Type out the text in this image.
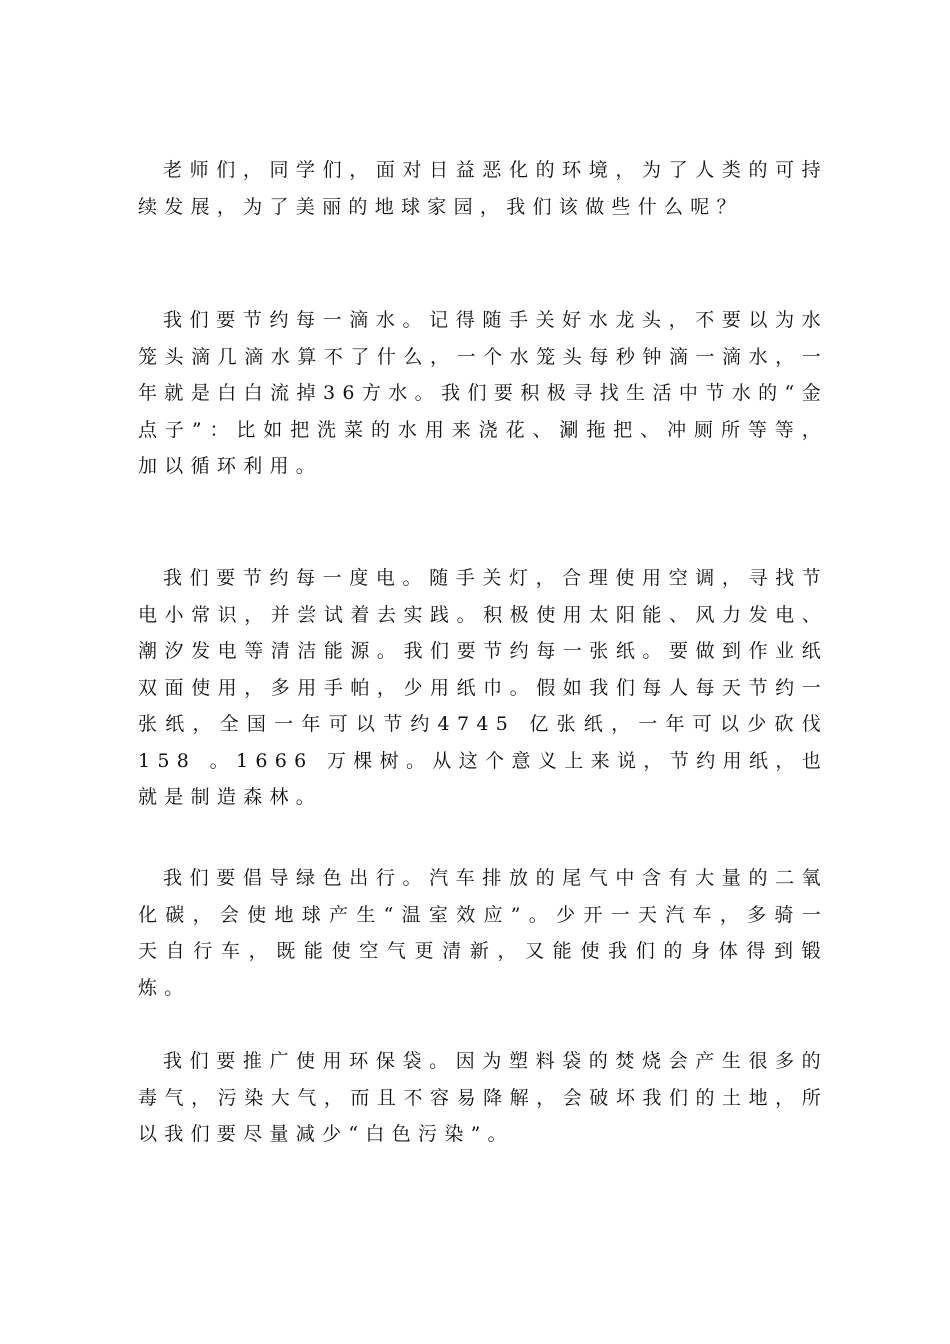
老师们，同学们，面对日益恶化的环境，为了人类的可持续发展，为了美丽的地球家园，我们该做些什么呢？

我们要节约每一滴水。记得随手关好水龙头，不要以为水笼头滴几滴水算不了什么，一个水笼头每秒钟滴一滴水，一年就是白白流掉36方水。我们要积极寻找生活中节水的“金点子”：比如把洗菜的水用来浇花、涮拖把、冲厕所等等，加以循环利用。

我们要节约每一度电。随手关灯，合理使用空调，寻找节电小常识，并尝试着去实践。积极使用太阳能、风力发电、潮汐发电等清洁能源。我们要节约每一张纸。要做到作业纸双面使用，多用手帕，少用纸巾。假如我们每人每天节约一张纸，全国一年可以节约4745 亿张纸，一年可以少砍伐158 。1666 万棵树。从这个意义上来说，节约用纸，也就是制造森林。

我们要倡导绿色出行。汽车排放的尾气中含有大量的二氧化碳，会使地球产生“温室效应”。少开一天汽车，多骑一天自行车，既能使空气更清新，又能使我们的身体得到锻炼。

我们要推广使用环保袋。因为塑料袋的焚烧会产生很多的毒气，污染大气，而且不容易降解，会破坏我们的土地，所以我们要尽量减少“白色污染”。
